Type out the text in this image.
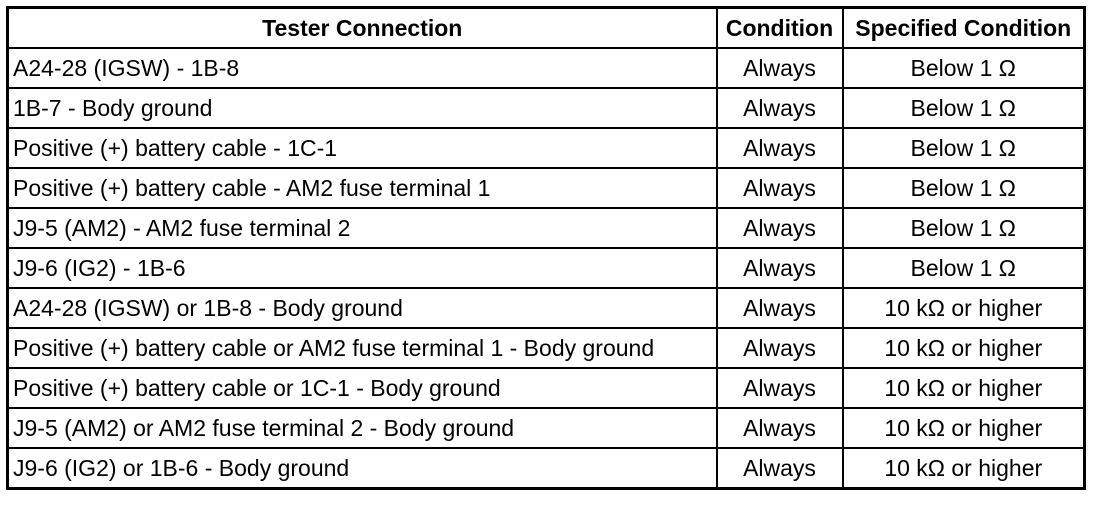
Tester Connection	Condition	Specified Condition
A24-28 (IGSW) - 1B-8	Always	Below 1 Ω
1B-7 - Body ground	Always	Below 1 Ω
Positive (+) battery cable - 1C-1	Always	Below 1 Ω
Positive (+) battery cable - AM2 fuse terminal 1	Always	Below 1 Ω
J9-5 (AM2) - AM2 fuse terminal 2	Always	Below 1 Ω
J9-6 (IG2) - 1B-6	Always	Below 1 Ω
A24-28 (IGSW) or 1B-8 - Body ground	Always	10 kΩ or higher
Positive (+) battery cable or AM2 fuse terminal 1 - Body ground	Always	10 kΩ or higher
Positive (+) battery cable or 1C-1 - Body ground	Always	10 kΩ or higher
J9-5 (AM2) or AM2 fuse terminal 2 - Body ground	Always	10 kΩ or higher
J9-6 (IG2) or 1B-6 - Body ground	Always	10 kΩ or higher
